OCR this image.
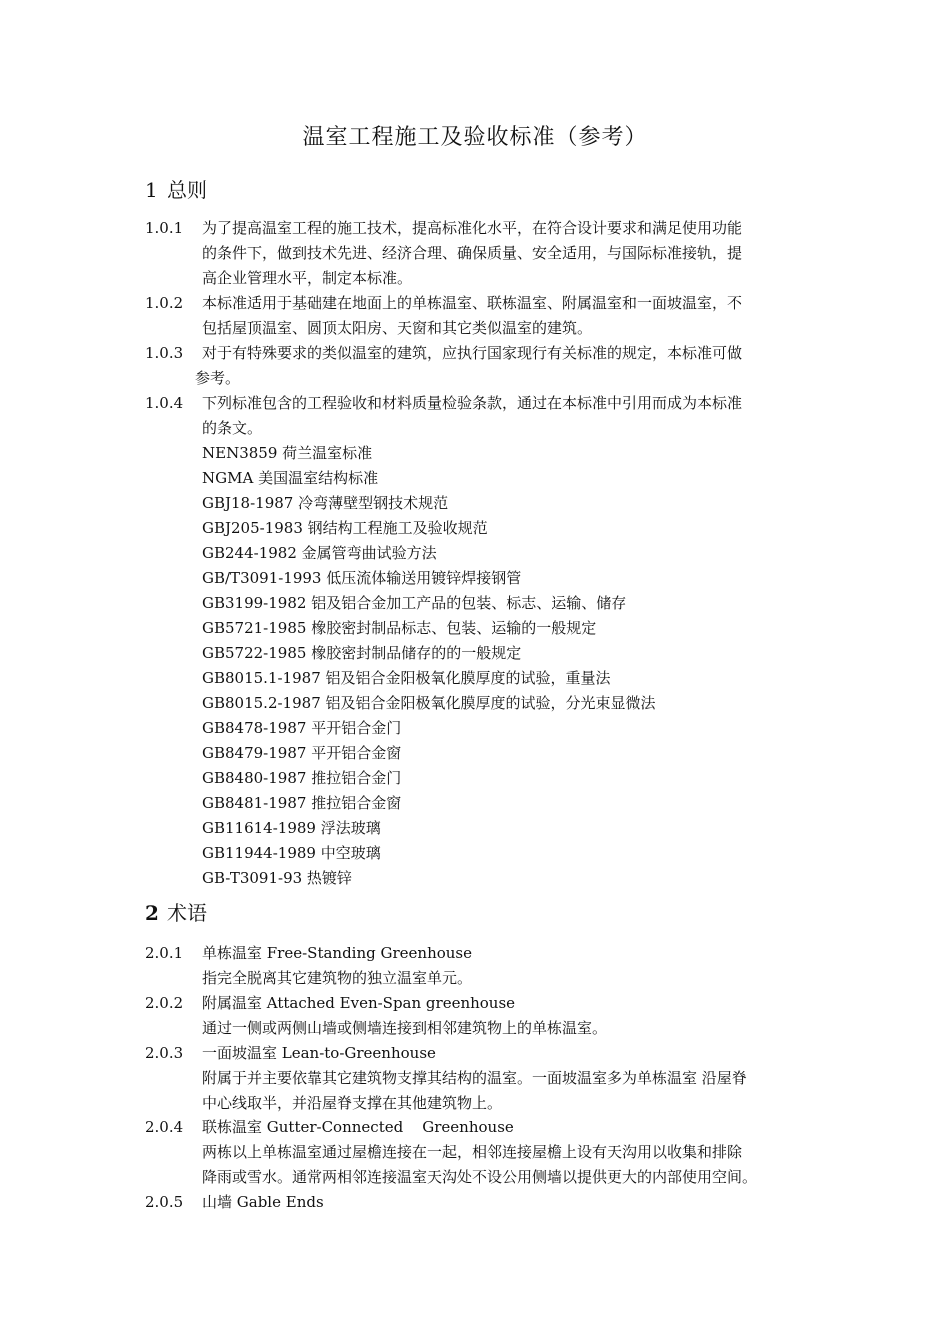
温室工程施工及验收标准（参考）
1 总则
1.0.1 为了提高温室工程的施工技术，提高标准化水平，在符合设计要求和满足使用功能
的条件下，做到技术先进、经济合理、确保质量、安全适用，与国际标准接轨，提
高企业管理水平，制定本标准。
1.0.2 本标准适用于基础建在地面上的单栋温室、联栋温室、附属温室和一面坡温室，不
包括屋顶温室、圆顶太阳房、天窗和其它类似温室的建筑。
1.0.3 对于有特殊要求的类似温室的建筑，应执行国家现行有关标准的规定，本标准可做
参考。
1.0.4 下列标准包含的工程验收和材料质量检验条款，通过在本标准中引用而成为本标准
的条文。
NEN3859 荷兰温室标准
NGMA 美国温室结构标准
GBJ18-1987 冷弯薄壁型钢技术规范
GBJ205-1983 钢结构工程施工及验收规范
GB244-1982 金属管弯曲试验方法
GB/T3091-1993 低压流体输送用镀锌焊接钢管
GB3199-1982 铝及铝合金加工产品的包装、标志、运输、储存
GB5721-1985 橡胶密封制品标志、包装、运输的一般规定
GB5722-1985 橡胶密封制品储存的的一般规定
GB8015.1-1987 铝及铝合金阳极氧化膜厚度的试验，重量法
GB8015.2-1987 铝及铝合金阳极氧化膜厚度的试验，分光束显微法
GB8478-1987 平开铝合金门
GB8479-1987 平开铝合金窗
GB8480-1987 推拉铝合金门
GB8481-1987 推拉铝合金窗
GB11614-1989 浮法玻璃
GB11944-1989 中空玻璃
GB-T3091-93 热镀锌
2 术语
2.0.1 单栋温室 Free-Standing Greenhouse
指完全脱离其它建筑物的独立温室单元。
2.0.2 附属温室 Attached Even-Span greenhouse
通过一侧或两侧山墙或侧墙连接到相邻建筑物上的单栋温室。
2.0.3 一面坡温室 Lean-to-Greenhouse
附属于并主要依靠其它建筑物支撑其结构的温室。一面坡温室多为单栋温室 沿屋脊
中心线取半，并沿屋脊支撑在其他建筑物上。
2.0.4 联栋温室 Gutter-Connected    Greenhouse
两栋以上单栋温室通过屋檐连接在一起，相邻连接屋檐上设有天沟用以收集和排除
降雨或雪水。通常两相邻连接温室天沟处不设公用侧墙以提供更大的内部使用空间。
2.0.5 山墙 Gable Ends
